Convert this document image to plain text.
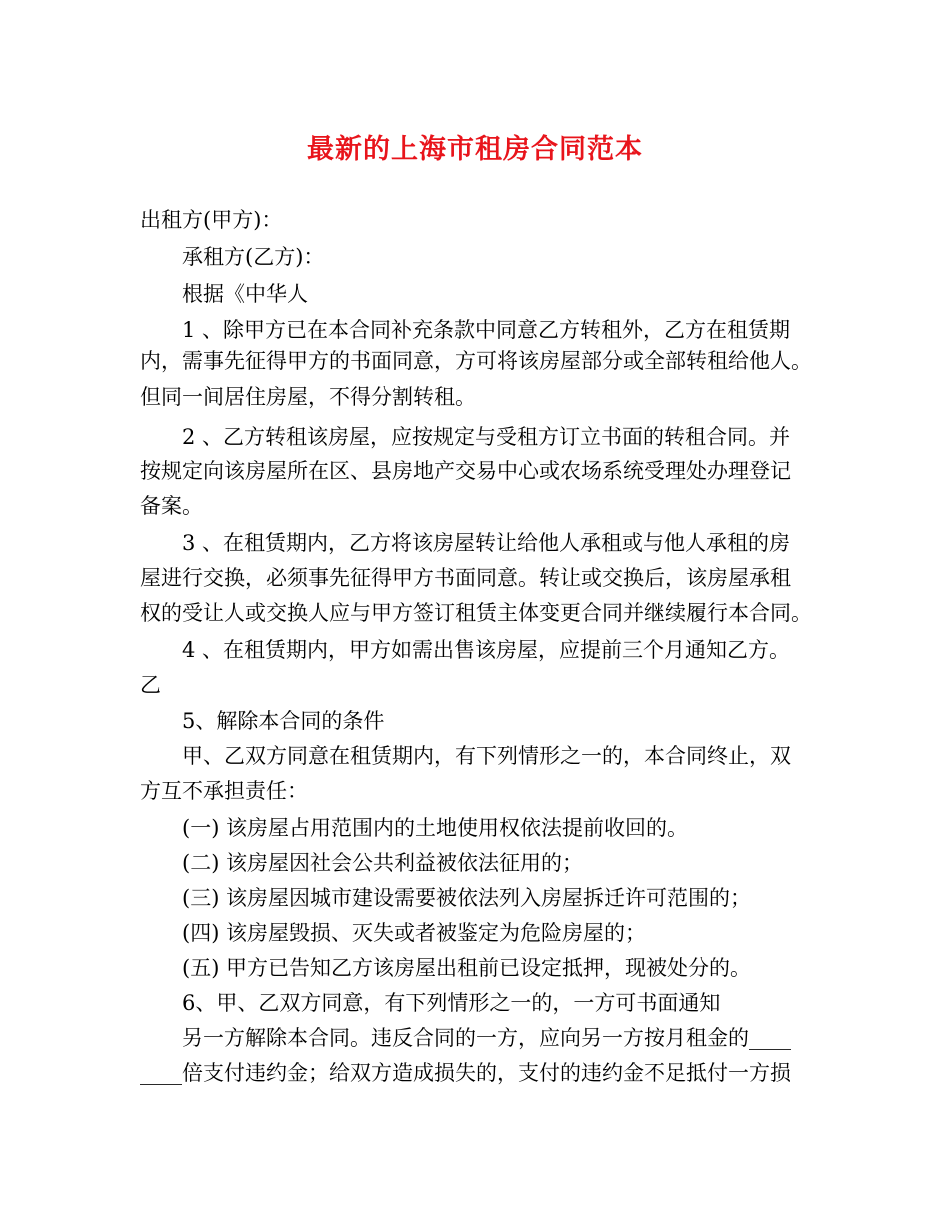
最新的上海市租房合同范本
出租方(甲方)：
承租方(乙方)：
根据《中华人
1 、除甲方已在本合同补充条款中同意乙方转租外，乙方在租赁期
内，需事先征得甲方的书面同意，方可将该房屋部分或全部转租给他人。
但同一间居住房屋，不得分割转租。
2 、乙方转租该房屋，应按规定与受租方订立书面的转租合同。并
按规定向该房屋所在区、县房地产交易中心或农场系统受理处办理登记
备案。
3 、在租赁期内，乙方将该房屋转让给他人承租或与他人承租的房
屋进行交换，必须事先征得甲方书面同意。转让或交换后，该房屋承租
权的受让人或交换人应与甲方签订租赁主体变更合同并继续履行本合同。
4 、在租赁期内，甲方如需出售该房屋，应提前三个月通知乙方。
乙
5、解除本合同的条件
甲、乙双方同意在租赁期内，有下列情形之一的，本合同终止，双
方互不承担责任：
(一) 该房屋占用范围内的土地使用权依法提前收回的。
(二) 该房屋因社会公共利益被依法征用的；
(三) 该房屋因城市建设需要被依法列入房屋拆迁许可范围的；
(四) 该房屋毁损、灭失或者被鉴定为危险房屋的；
(五) 甲方已告知乙方该房屋出租前已设定抵押，现被处分的。
6、甲、乙双方同意，有下列情形之一的，一方可书面通知
另一方解除本合同。违反合同的一方，应向另一方按月租金的____
____倍支付违约金；给双方造成损失的，支付的违约金不足抵付一方损
